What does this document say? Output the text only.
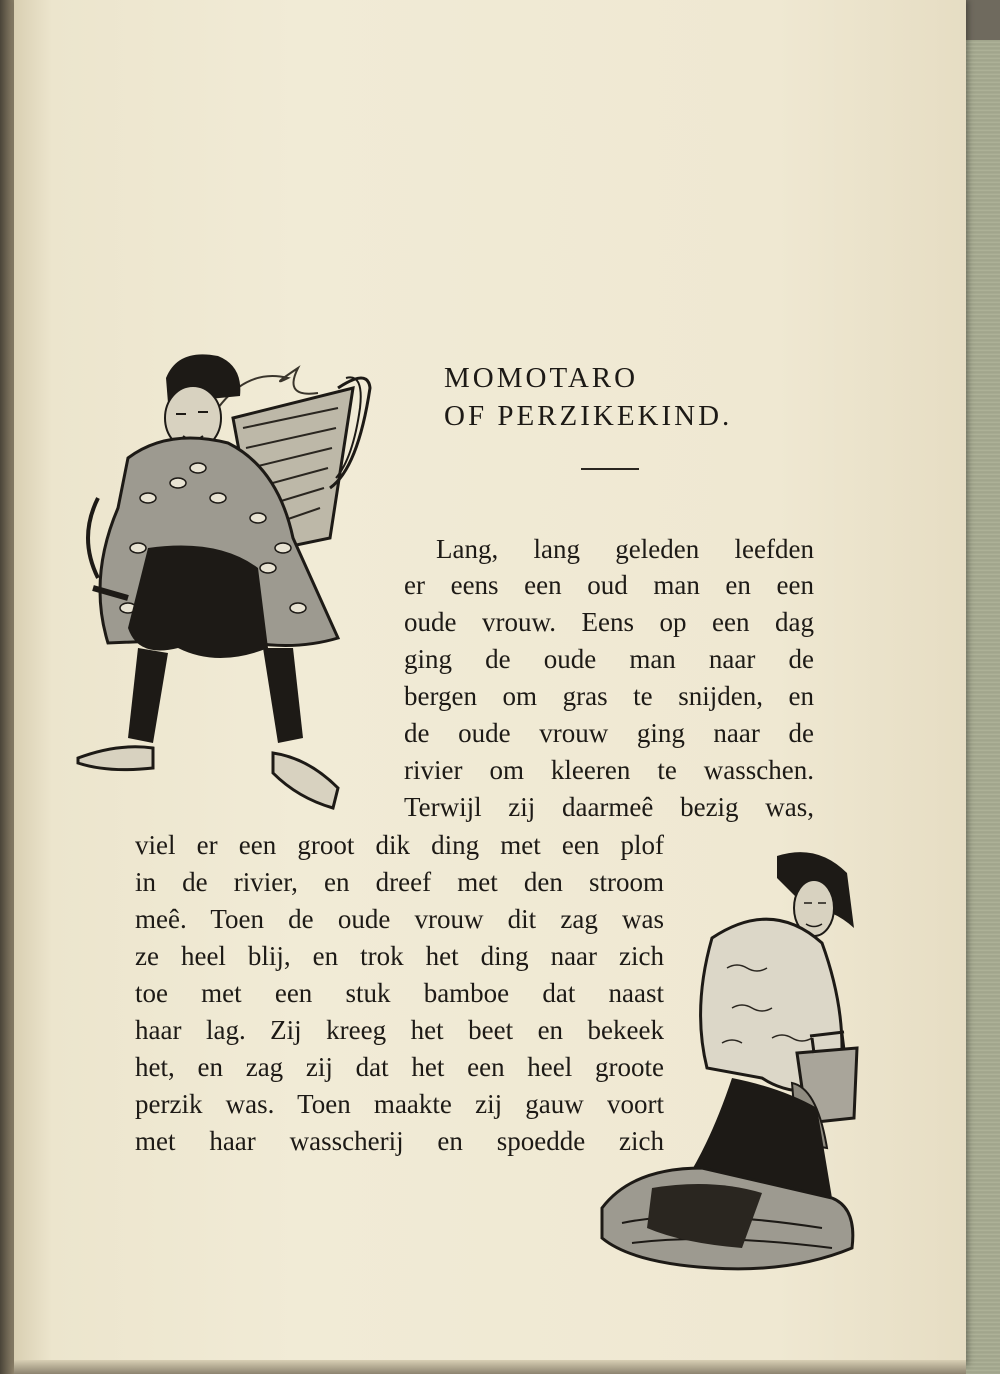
MOMOTARO
OF PERZIKEKIND.
Lang, lang geleden leefden
er eens een oud man en een
oude vrouw. Eens op een dag
ging de oude man naar de
bergen om gras te snijden, en
de oude vrouw ging naar de
rivier om kleeren te wasschen.
Terwijl zij daarmeê bezig was,
viel er een groot dik ding met een plof
in de rivier, en dreef met den stroom
meê. Toen de oude vrouw dit zag was
ze heel blij, en trok het ding naar zich
toe met een stuk bamboe dat naast
haar lag. Zij kreeg het beet en bekeek
het, en zag zij dat het een heel groote
perzik was. Toen maakte zij gauw voort
met haar wasscherij en spoedde zich
